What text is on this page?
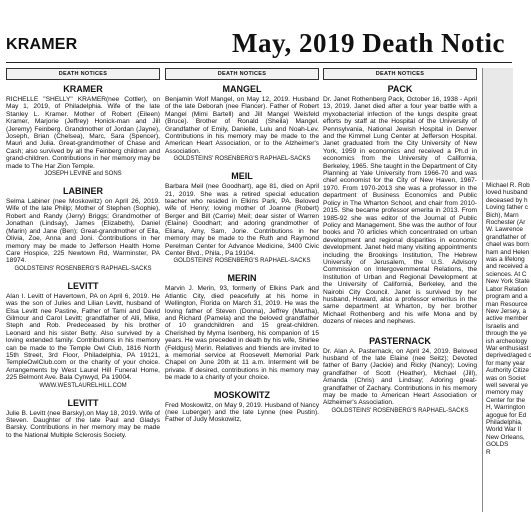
KRAMER	May, 2019 Death Notic
DEATH NOTICES
KRAMER
RICHELLE "SHELLY" KRAMER(nee Cottler), on May 1, 2019, of Philadelphia. Wife of the late Stanley L. Kramer. Mother of Robert (Eileen) Kramer, Marjorie (Jeffrey) Honick-man and Jill (Jeremy) Feinberg. Grandmother of Jordan (Jayne), Joseph, Brian (Chelsea), Marc, Sara (Spencer), Mauri and Julia. Great-grandmother of Chase and Cash; also survived by all the Feinberg children and grand-children. Contributions in her memory may be made to The Har Zion Temple.
JOSEPH LEVINE and SONS
LABINER
Selma Labiner (nee Moskowitz) on April 26, 2019. Wife of the late Philip; Mother of Stephen (Sophie), Robert and Randy (Jerry) Briggs; Grandmother of Jonathan (Lindsay), James (Elizabeth), Daniel (Marin) and Jane (Ben); Great-grandmother of Ella, Olivia, Zoe, Anna and Joni. Contributions in her memory may be made to Jefferson Health Home Care Hospice, 225 Newtown Rd, Warminster, PA 18974.
GOLDSTEINS' ROSENBERG'S RAPHAEL-SACKS
LEVITT
Alan I. Levitt of Havertown, PA on April 6, 2019. He was the son of Julies and Lilian Levitt, husband of Elsa Levitt nee Pastine, Father of Tami and David Gilmour and Carol Levitt; grandfather of Alli, Mike, Steph and Rob. Predeceased by his brother Leonard and his sister Betty. Also survived by a loving extended family. Contributions in his memory can be made to the Temple Owl Club, 1816 North 15th Street, 3rd Floor, Philadelphia, PA 19121, TempleOwlClub.com or the charity of your choice. Arrangements by West Laurel Hill Funeral Home, 225 Belmont Ave. Bala Cynwyd, Pa 19004.
WWW.WESTLAURELHILL.COM
LEVITT
Julie B. Levitt (nee Barsky),on May 18, 2019. Wife of Steven. Daughter of the late Paul and Gladys Barsky. Contributions in her memory may be made to the National Multiple Sclerosis Society.
DEATH NOTICES
MANGEL
Benjamin Wolf Mangel, on May 12, 2019. Husband of the late Deborah (nee Flancer). Father of Robert Mangel (Mimi Bartell) and Jill Mangel Weisfeld (Bruce). Brother of Ronald (Sheila) Mangel. Grandfather of Emily, Danielle, Lulu and Noah-Lev. Contributions in his memory may be made to the American Heart Association, or to the Alzheimer's Association.
GOLDSTEINS' ROSENBERG'S RAPHAEL-SACKS
MEIL
Barbara Meil (nee Goodhart), age 81, died on April 21, 2019. She was a retired special education teacher who resided in Elkins Park, PA. Beloved wife of Henry; loving mother of Joanne (Robert) Berger and Bill (Carrie) Meil; dear sister of Warren (Elaine) Goodhart; and adoring grandmother of Eliana, Amy, Sam, Jorie. Contributions in her memory may be made to the Ruth and Raymond Perelman Center for Advance Medicine, 3400 Civic Center Blvd., Phila., Pa 19104.
GOLDSTEINS' ROSENBERG'S RAPHAEL-SACKS
MERIN
Marvin J. Merin, 93, formerly of Elkins Park and Atlantic City, died peacefully at his home in Wellington, Florida on March 31, 2019. He was the loving father of Steven (Donna), Jeffrey (Martha), and Richard (Pamela) and the beloved grandfather of 10 grandchildren and 15 great-children. Cherished by Myrna Isenberg, his companion of 15 years. He was preceded in death by his wife, Shirlee (Feldgus) Merin. Relatives and friends are invited to a memorial service at Roosevelt Memorial Park Chapel on June 20th at 11 a.m. Interment will be private. If desired, contributions in his memory may be made to a charity of your choice.
MOSKOWITZ
Fred Moskowitz, on May 9, 2019. Husband of Nancy (nee Luberger) and the late Lynne (nee Pustin). Father of Judy Moskowitz,
DEATH NOTICES
PACK
Dr. Janet Rothenberg Pack, October 16, 1938 - April 13, 2019. Janet died after a four year battle with a myxobacterial infection of the lungs despite great efforts by staff at the Hospital of the University of Pennsylvania, National Jewish Hospital in Denver and the Kimmel Lung Center at Jefferson Hospital. Janet graduated from the City University of New York, 1959 in economics and received a Ph.d in economics from the University of California, Berkeley, 1965. She taught in the Department of City Planning at Yale University from 1966-70 and was chief economist for the City of New Haven, 1967-1970. From 1970-2013 she was a professor in the department of Business Economics and Public Policy in The Wharton School, and chair from 2010-2015. She became professor emerita in 2013. From 1985-92 she was editor of the Journal of Public Policy and Management. She was the author of four books and 70 articles which concentrated on urban development and regional disparities in economic development. Janet held many visiting appointments including the Brookings Institution, The Hebrew University of Jerusalem, the U.S. Advisory Commission on Intergovernmental Relations, the Institution of Urban and Regional Development at the University of California, Berkeley, and the Nairobi City Council. Janet is survived by her husband, Howard, also a professor emeritus in the same department at Wharton, by her brother Michael Rothenberg and his wife Mona and by dozens of nieces and nephews.
PASTERNACK
Dr. Alan A. Pasternack, on April 24, 2019. Beloved husband of the late Elaine (nee Seitz); Devoted father of Barry (Jackie) and Ricky (Nancy); Loving grandfather of Scott (Heather), Michael (Jill), Amanda (Chris) and Lindsay; Adoring great-grandfather of Zachary. Contributions in his memory may be made to American Heart Association or Alzheimer's Association.
GOLDSTEINS' ROSENBERG'S RAPHAEL-SACKS
Michael R. Rob
loved husband
deceased by h
Loving father c
Bich), Marn
Rochester (Ar
W. Lawrence
grandfather of
chael was born
ham and Helen
was a lifelong
and received a
sciences. At C
New York State
Labor Relation
program and a
man Resource
New Jersey, a
active member
Israelis and
through the ye
ish archeology
War enthusiast
deprived/aged c
for many year
Authority Citize
was on Societ
well several ye
memory may
Center for the
H, Warrington
agogue for Ed
Philadelphia,
World War II
New Orleans,
GOLDS
R
